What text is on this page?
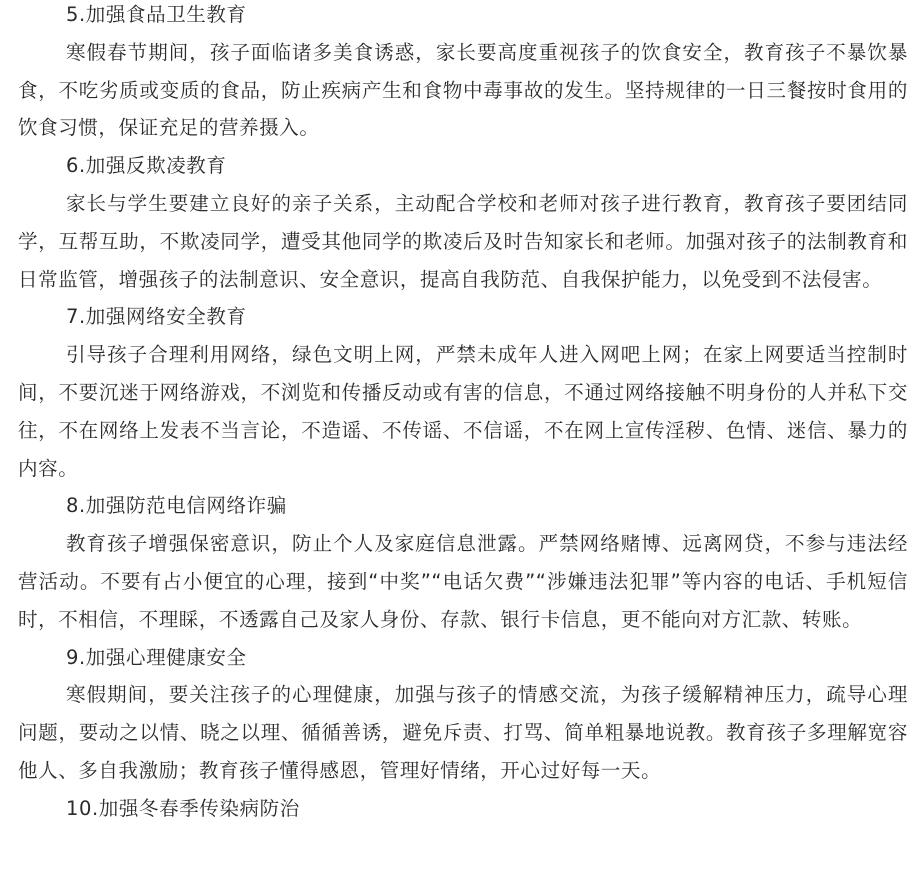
5.加强食品卫生教育

寒假春节期间，孩子面临诸多美食诱惑，家长要高度重视孩子的饮食安全，教育孩子不暴饮暴食，不吃劣质或变质的食品，防止疾病产生和食物中毒事故的发生。坚持规律的一日三餐按时食用的饮食习惯，保证充足的营养摄入。

6.加强反欺凌教育

家长与学生要建立良好的亲子关系，主动配合学校和老师对孩子进行教育，教育孩子要团结同学，互帮互助，不欺凌同学，遭受其他同学的欺凌后及时告知家长和老师。加强对孩子的法制教育和日常监管，增强孩子的法制意识、安全意识，提高自我防范、自我保护能力，以免受到不法侵害。

7.加强网络安全教育

引导孩子合理利用网络，绿色文明上网，严禁未成年人进入网吧上网；在家上网要适当控制时间，不要沉迷于网络游戏，不浏览和传播反动或有害的信息，不通过网络接触不明身份的人并私下交往，不在网络上发表不当言论，不造谣、不传谣、不信谣，不在网上宣传淫秽、色情、迷信、暴力的内容。

8.加强防范电信网络诈骗

教育孩子增强保密意识，防止个人及家庭信息泄露。严禁网络赌博、远离网贷，不参与违法经营活动。不要有占小便宜的心理，接到“中奖”“电话欠费”“涉嫌违法犯罪”等内容的电话、手机短信时，不相信，不理睬，不透露自己及家人身份、存款、银行卡信息，更不能向对方汇款、转账。

9.加强心理健康安全

寒假期间，要关注孩子的心理健康，加强与孩子的情感交流，为孩子缓解精神压力，疏导心理问题，要动之以情、晓之以理、循循善诱，避免斥责、打骂、简单粗暴地说教。教育孩子多理解宽容他人、多自我激励；教育孩子懂得感恩，管理好情绪，开心过好每一天。

10.加强冬春季传染病防治
